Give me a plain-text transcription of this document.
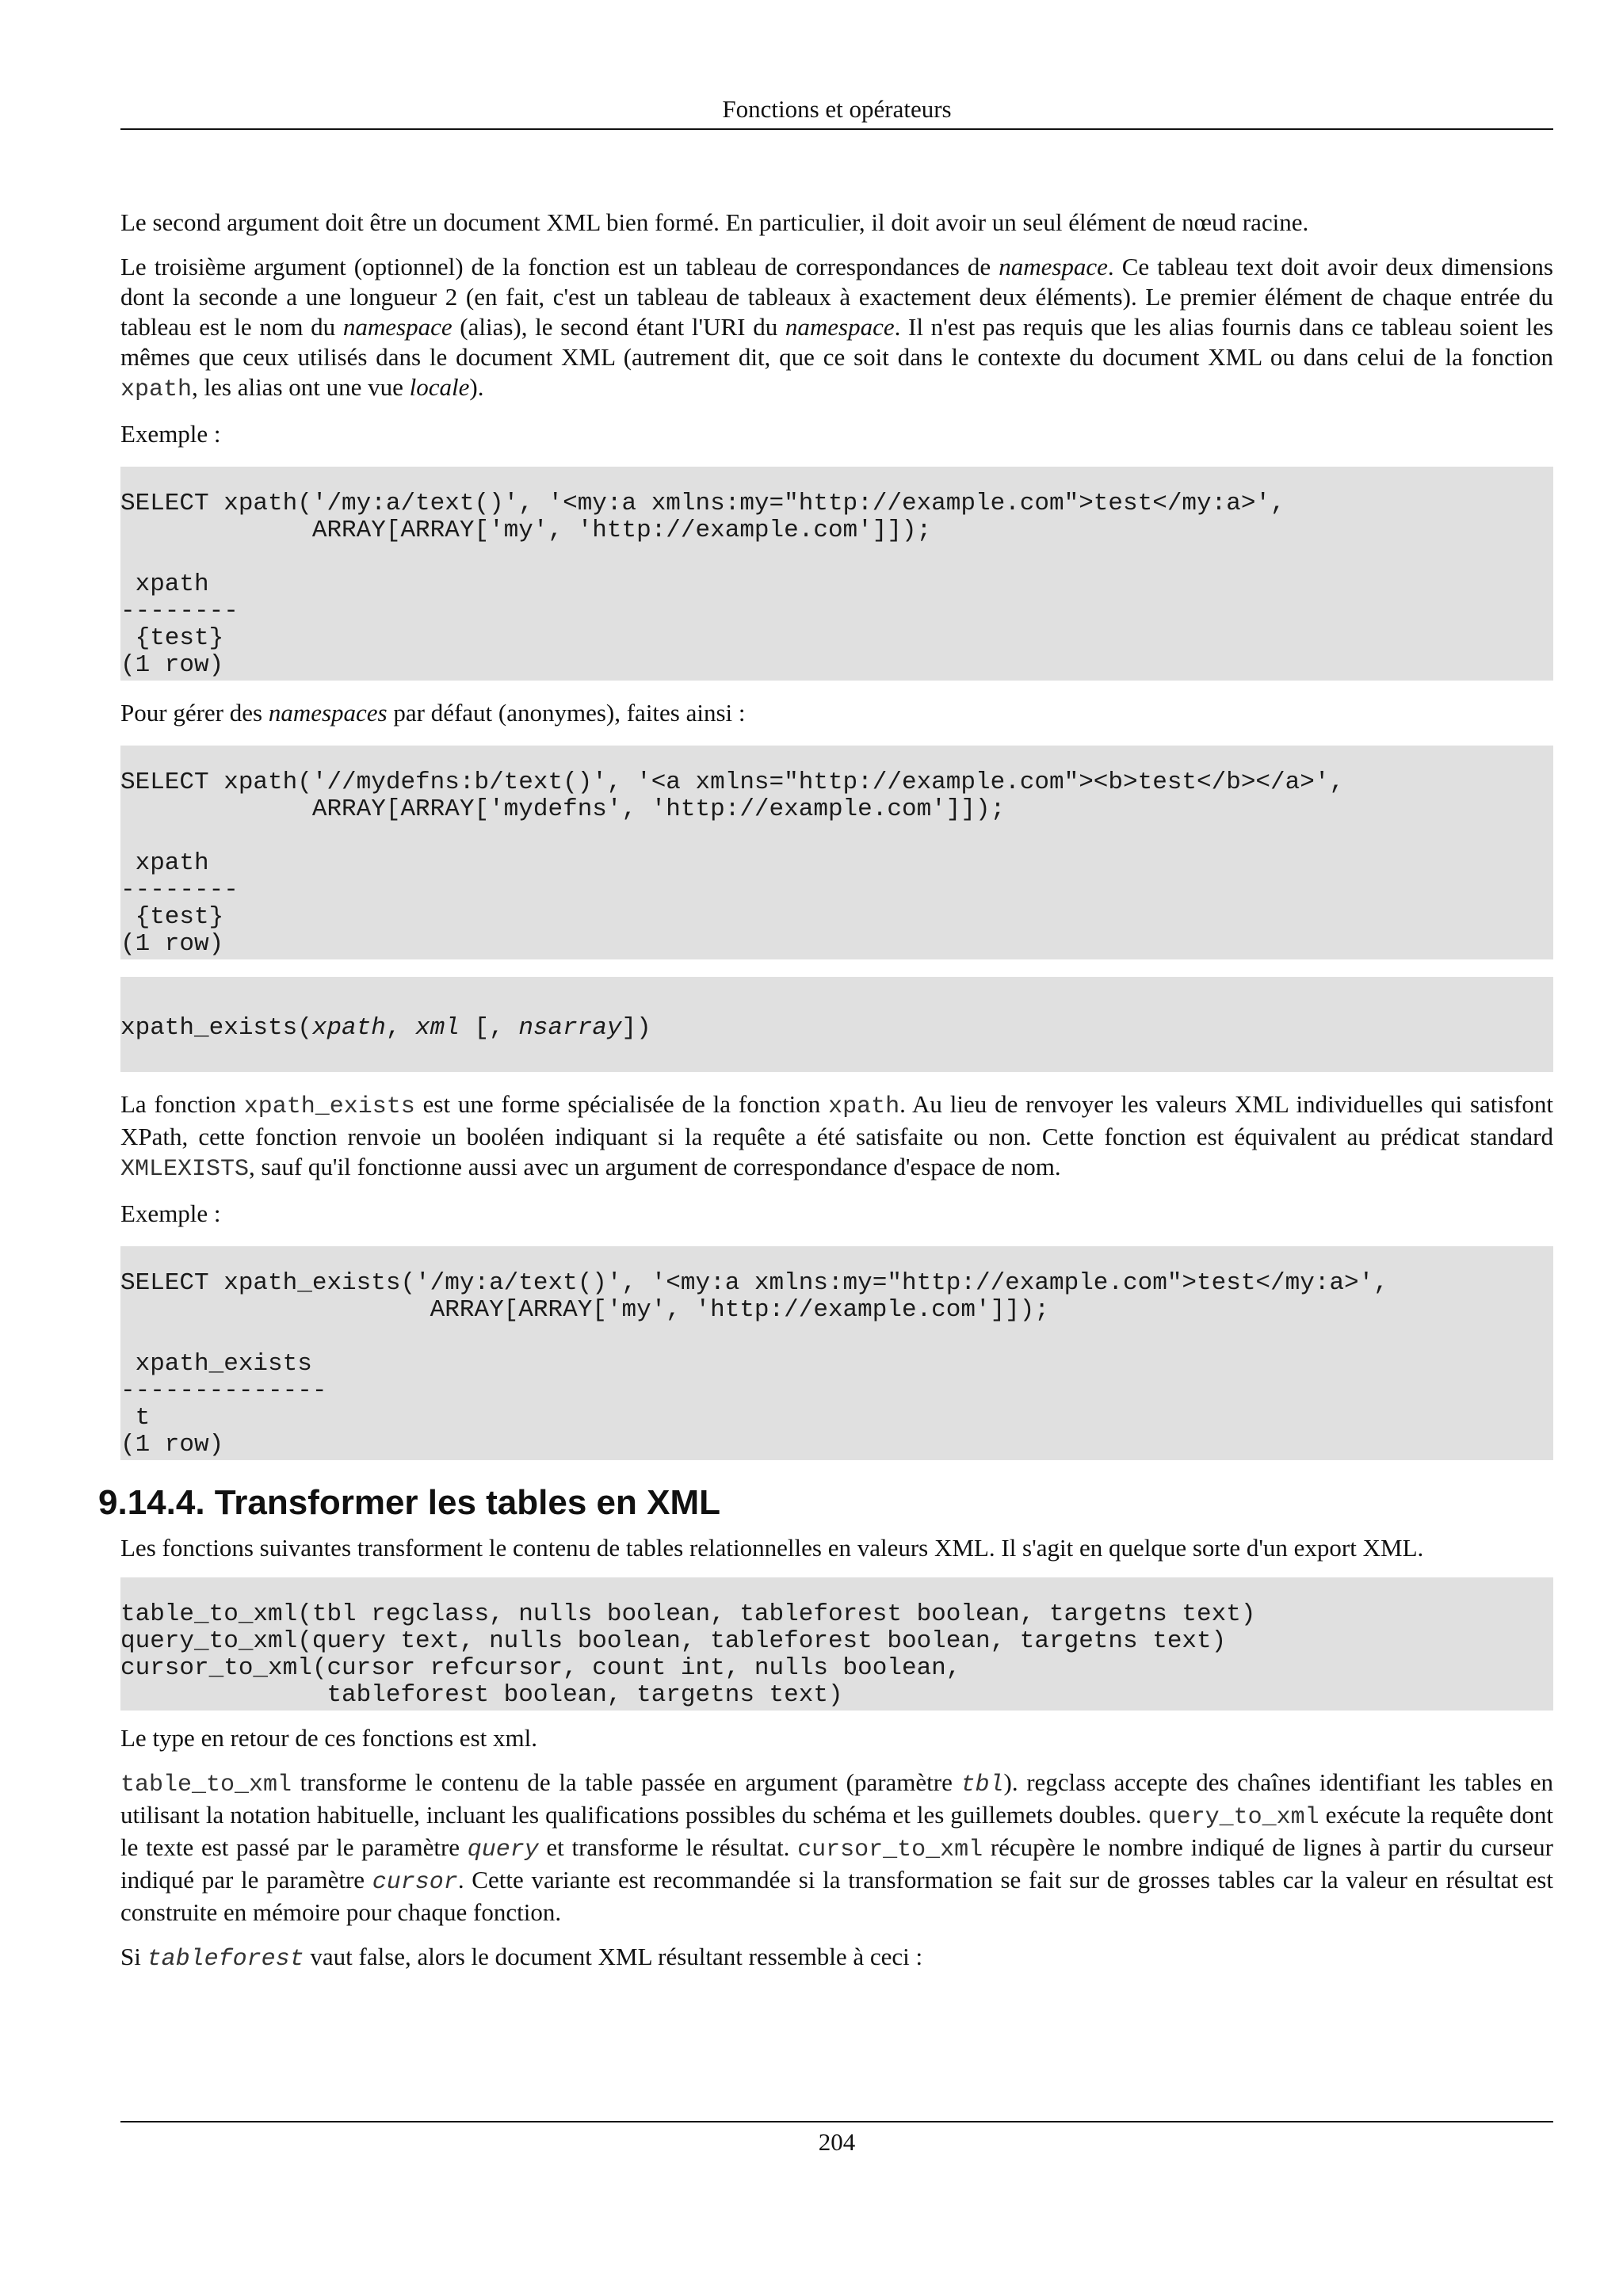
Fonctions et opérateurs

Le second argument doit être un document XML bien formé. En particulier, il doit avoir un seul élément de nœud racine.

Le troisième argument (optionnel) de la fonction est un tableau de correspondances de namespace. Ce tableau text doit avoir deux dimensions dont la seconde a une longueur 2 (en fait, c'est un tableau de tableaux à exactement deux éléments). Le premier élément de chaque entrée du tableau est le nom du namespace (alias), le second étant l'URI du namespace. Il n'est pas requis que les alias fournis dans ce tableau soient les mêmes que ceux utilisés dans le document XML (autrement dit, que ce soit dans le contexte du document XML ou dans celui de la fonction xpath, les alias ont une vue locale).

Exemple :

SELECT xpath('/my:a/text()', '<my:a xmlns:my="http://example.com">test</my:a>',
ARRAY[ARRAY['my', 'http://example.com']]);
xpath
--------
{test}
(1 row)

Pour gérer des namespaces par défaut (anonymes), faites ainsi :

SELECT xpath('//mydefns:b/text()', '<a xmlns="http://example.com"><b>test</b></a>',
ARRAY[ARRAY['mydefns', 'http://example.com']]);
xpath
--------
{test}
(1 row)
xpath_exists(xpath, xml [, nsarray])

La fonction xpath_exists est une forme spécialisée de la fonction xpath. Au lieu de renvoyer les valeurs XML individuelles qui satisfont XPath, cette fonction renvoie un booléen indiquant si la requête a été satisfaite ou non. Cette fonction est équivalent au prédicat standard XMLEXISTS, sauf qu'il fonctionne aussi avec un argument de correspondance d'espace de nom.

Exemple :

SELECT xpath_exists('/my:a/text()', '<my:a xmlns:my="http://example.com">test</my:a>',
ARRAY[ARRAY['my', 'http://example.com']]);
xpath_exists
--------------
t
(1 row)
9.14.4. Transformer les tables en XML

Les fonctions suivantes transforment le contenu de tables relationnelles en valeurs XML. Il s'agit en quelque sorte d'un export XML.

table_to_xml(tbl regclass, nulls boolean, tableforest boolean, targetns text)
query_to_xml(query text, nulls boolean, tableforest boolean, targetns text)
cursor_to_xml(cursor refcursor, count int, nulls boolean,
tableforest boolean, targetns text)

Le type en retour de ces fonctions est xml.

table_to_xml transforme le contenu de la table passée en argument (paramètre tbl). regclass accepte des chaînes identifiant les tables en utilisant la notation habituelle, incluant les qualifications possibles du schéma et les guillemets doubles. query_to_xml exécute la requête dont le texte est passé par le paramètre query et transforme le résultat. cursor_to_xml récupère le nombre indiqué de lignes à partir du curseur indiqué par le paramètre cursor. Cette variante est recommandée si la transformation se fait sur de grosses tables car la valeur en résultat est construite en mémoire pour chaque fonction.

Si tableforest vaut false, alors le document XML résultant ressemble à ceci :

204
